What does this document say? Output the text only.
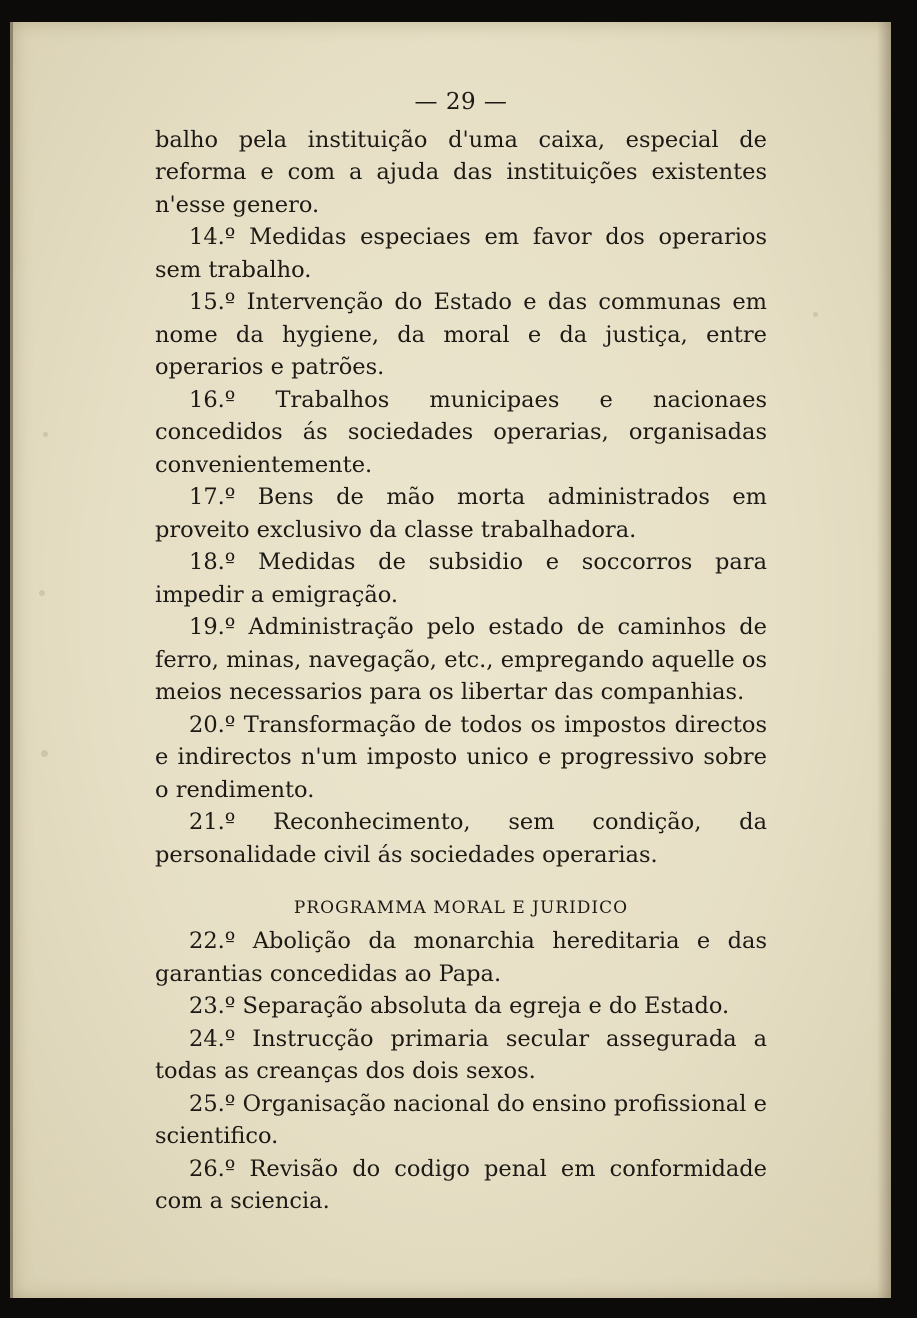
— 29 —

balho pela instituição d'uma caixa, especial de reforma e com a ajuda das instituições existentes n'esse genero.

14.º Medidas especiaes em favor dos operarios sem trabalho.

15.º Intervenção do Estado e das communas em nome da hygiene, da moral e da justiça, entre operarios e patrões.

16.º Trabalhos municipaes e nacionaes concedidos ás sociedades operarias, organisadas convenientemente.

17.º Bens de mão morta administrados em proveito exclusivo da classe trabalhadora.

18.º Medidas de subsidio e soccorros para impedir a emigração.

19.º Administração pelo estado de caminhos de ferro, minas, navegação, etc., empregando aquelle os meios necessarios para os libertar das companhias.

20.º Transformação de todos os impostos directos e indirectos n'um imposto unico e progressivo sobre o rendimento.

21.º Reconhecimento, sem condição, da personalidade civil ás sociedades operarias.

PROGRAMMA MORAL E JURIDICO

22.º Abolição da monarchia hereditaria e das garantias concedidas ao Papa.

23.º Separação absoluta da egreja e do Estado.

24.º Instrucção primaria secular assegurada a todas as creanças dos dois sexos.

25.º Organisação nacional do ensino profissional e scientifico.

26.º Revisão do codigo penal em conformidade com a sciencia.
